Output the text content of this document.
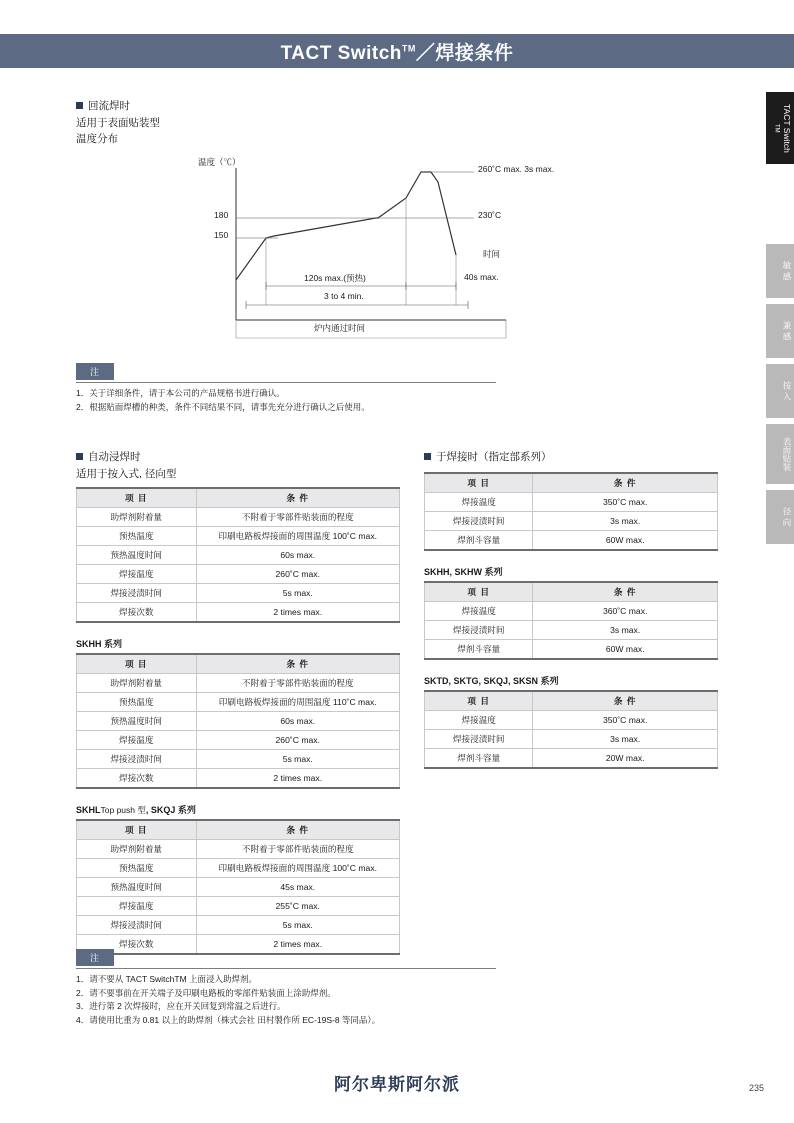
TACT Switch™／焊接条件
TACT SwitchTM
敏 感
兼 感
按 入
表面贴装
径 向
回流焊时
适用于表面贴装型
温度分布
温度（℃）
180
150
时间
260˚C max. 3s max.
230˚C
120s max.(预热)	40s max.
3 to 4 min.
炉内通过时间
注
1．关于详细条件，请于本公司的产品规格书进行确认。
2．根据贴面焊槽的种类，条件不同结果不同，请事先充分进行确认之后使用。
自动浸焊时
适用于按入式, 径向型
项 目	条 件
助焊剂附着量	不附着于零部件贴装面的程度
预热温度	印刷电路板焊接面的周围温度 100˚C max.
预热温度时间	60s max.
焊接温度	260˚C max.
焊接浸渍时间	5s max.
焊接次数	2 times max.
SKHH 系列
项 目	条 件
助焊剂附着量	不附着于零部件贴装面的程度
预热温度	印刷电路板焊接面的周围温度 110˚C max.
预热温度时间	60s max.
焊接温度	260˚C max.
焊接浸渍时间	5s max.
焊接次数	2 times max.
SKHLTop push 型, SKQJ 系列
项 目	条 件
助焊剂附着量	不附着于零部件贴装面的程度
预热温度	印刷电路板焊接面的周围温度 100˚C max.
预热温度时间	45s max.
焊接温度	255˚C max.
焊接浸渍时间	5s max.
焊接次数	2 times max.
于焊接时（指定部系列）
项 目	条 件
焊接温度	350˚C max.
焊接浸渍时间	3s max.
焊剂斗容量	60W max.
SKHH, SKHW 系列
项 目	条 件
焊接温度	360˚C max.
焊接浸渍时间	3s max.
焊剂斗容量	60W max.
SKTD, SKTG, SKQJ, SKSN 系列
项 目	条 件
焊接温度	350˚C max.
焊接浸渍时间	3s max.
焊剂斗容量	20W max.
注
1．请不要从 TACT SwitchTM 上面浸入助焊剂。
2．请不要事前在开关端子及印刷电路板的零部件贴装面上涂助焊剂。
3．进行第 2 次焊接时，应在开关回复到常温之后进行。
4．请使用比重为 0.81 以上的助焊剂（株式会社 田村製作所 EC-19S-8 等同品）。
阿尔卑斯阿尔派	235
